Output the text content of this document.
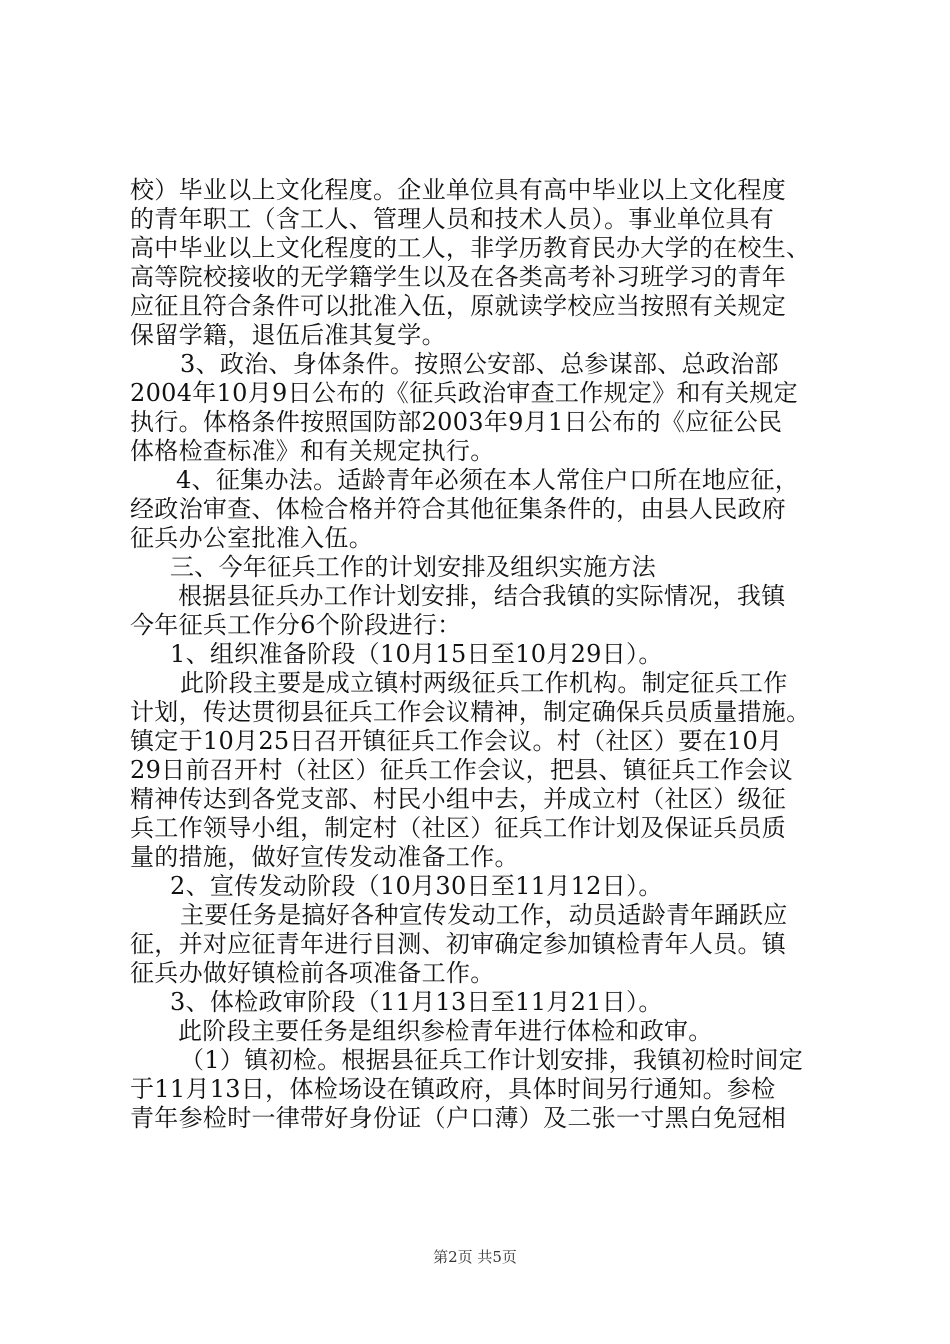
校）毕业以上文化程度。企业单位具有高中毕业以上文化程度
的青年职工（含工人、管理人员和技术人员）。事业单位具有
高中毕业以上文化程度的工人，非学历教育民办大学的在校生、
高等院校接收的无学籍学生以及在各类高考补习班学习的青年
应征且符合条件可以批准入伍，原就读学校应当按照有关规定
保留学籍，退伍后准其复学。
3、政治、身体条件。按照公安部、总参谋部、总政治部
2004年10月9日公布的《征兵政治审查工作规定》和有关规定
执行。体格条件按照国防部2003年9月1日公布的《应征公民
体格检查标准》和有关规定执行。
4、征集办法。适龄青年必须在本人常住户口所在地应征，
经政治审查、体检合格并符合其他征集条件的，由县人民政府
征兵办公室批准入伍。
三、今年征兵工作的计划安排及组织实施方法
根据县征兵办工作计划安排，结合我镇的实际情况，我镇
今年征兵工作分6个阶段进行：
1、组织准备阶段（10月15日至10月29日）。
此阶段主要是成立镇村两级征兵工作机构。制定征兵工作
计划，传达贯彻县征兵工作会议精神，制定确保兵员质量措施。
镇定于10月25日召开镇征兵工作会议。村（社区）要在10月
29日前召开村（社区）征兵工作会议，把县、镇征兵工作会议
精神传达到各党支部、村民小组中去，并成立村（社区）级征
兵工作领导小组，制定村（社区）征兵工作计划及保证兵员质
量的措施，做好宣传发动准备工作。
2、宣传发动阶段（10月30日至11月12日）。
主要任务是搞好各种宣传发动工作，动员适龄青年踊跃应
征，并对应征青年进行目测、初审确定参加镇检青年人员。镇
征兵办做好镇检前各项准备工作。
3、体检政审阶段（11月13日至11月21日）。
此阶段主要任务是组织参检青年进行体检和政审。
（1）镇初检。根据县征兵工作计划安排，我镇初检时间定
于11月13日，体检场设在镇政府，具体时间另行通知。参检
青年参检时一律带好身份证（户口薄）及二张一寸黑白免冠相
第2页 共5页
